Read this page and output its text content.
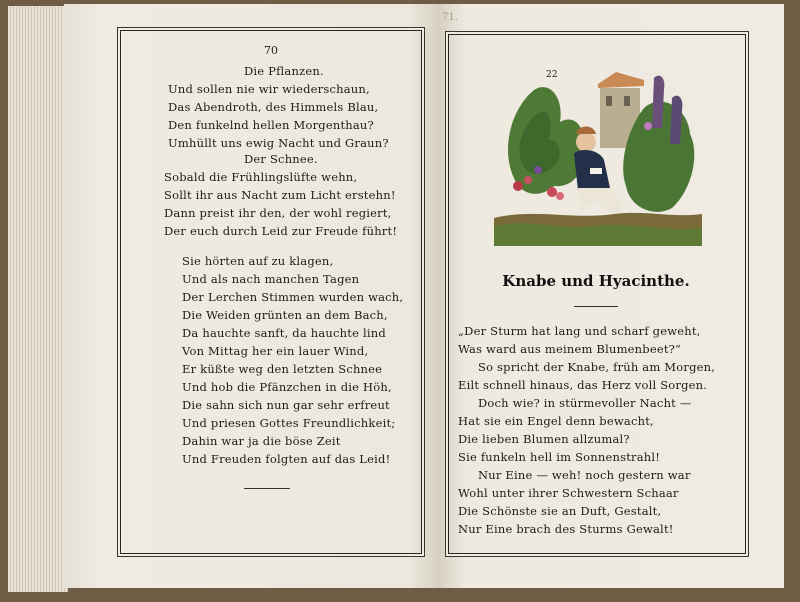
70
Die Pflanzen.
Und sollen nie wir wiederschaun,
Das Abendroth, des Himmels Blau,
Den funkelnd hellen Morgenthau?
Umhüllt uns ewig Nacht und Graun?
Der Schnee.
Sobald die Frühlingslüfte wehn,
Sollt ihr aus Nacht zum Licht erstehn!
Dann preist ihr den, der wohl regiert,
Der euch durch Leid zur Freude führt!
Sie hörten auf zu klagen,
Und als nach manchen Tagen
Der Lerchen Stimmen wurden wach,
Die Weiden grünten an dem Bach,
Da hauchte sanft, da hauchte lind
Von Mittag her ein lauer Wind,
Er küßte weg den letzten Schnee
Und hob die Pfänzchen in die Höh,
Die sahn sich nun gar sehr erfreut
Und priesen Gottes Freundlichkeit;
Dahin war ja die böse Zeit
Und Freuden folgten auf das Leid!
71.
22
Knabe und Hyacinthe.
„Der Sturm hat lang und scharf geweht,
Was ward aus meinem Blumenbeet?“
So spricht der Knabe, früh am Morgen,
Eilt schnell hinaus, das Herz voll Sorgen.
Doch wie? in stürmevoller Nacht —
Hat sie ein Engel denn bewacht,
Die lieben Blumen allzumal?
Sie funkeln hell im Sonnenstrahl!
Nur Eine — weh! noch gestern war
Wohl unter ihrer Schwestern Schaar
Die Schönste sie an Duft, Gestalt,
Nur Eine brach des Sturms Gewalt!
